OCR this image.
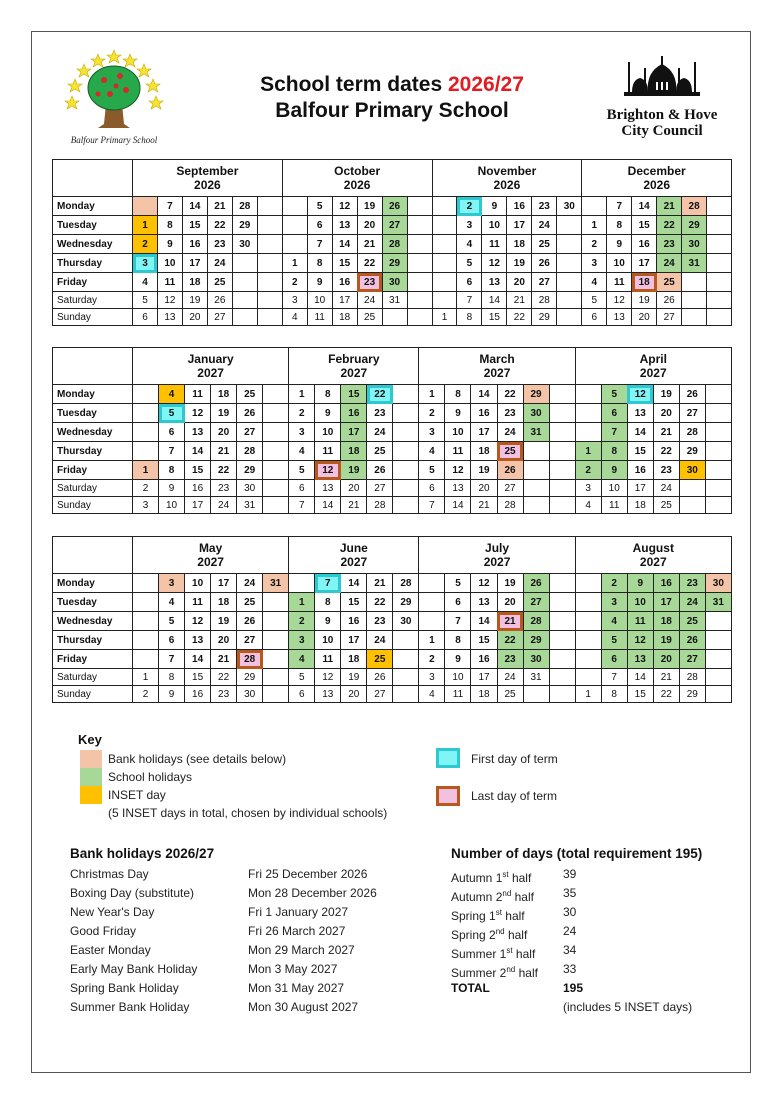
Balfour Primary School
School term dates 2026/27
Balfour Primary School	Brighton & Hove
City Council

September
2026

October
2026

November
2026

December
2026

Monday		7	14	21	28			5	12	19	26			2	9	16	23	30		7	14	21	28	
Tuesday	1	8	15	22	29			6	13	20	27			3	10	17	24		1	8	15	22	29	
Wednesday	2	9	16	23	30			7	14	21	28			4	11	18	25		2	9	16	23	30	
Thursday	3	10	17	24			1	8	15	22	29			5	12	19	26		3	10	17	24	31	
Friday	4	11	18	25			2	9	16	23	30			6	13	20	27		4	11	18	25		
Saturday	5	12	19	26			3	10	17	24	31			7	14	21	28		5	12	19	26		
Sunday	6	13	20	27			4	11	18	25			1	8	15	22	29		6	13	20	27		

January
2027

February
2027

March
2027

April
2027

Monday		4	11	18	25		1	8	15	22		1	8	14	22	29			5	12	19	26	
Tuesday		5	12	19	26		2	9	16	23		2	9	16	23	30			6	13	20	27	
Wednesday		6	13	20	27		3	10	17	24		3	10	17	24	31			7	14	21	28	
Thursday		7	14	21	28		4	11	18	25		4	11	18	25			1	8	15	22	29	
Friday	1	8	15	22	29		5	12	19	26		5	12	19	26			2	9	16	23	30	
Saturday	2	9	16	23	30		6	13	20	27		6	13	20	27			3	10	17	24		
Sunday	3	10	17	24	31		7	14	21	28		7	14	21	28			4	11	18	25		

May
2027

June
2027

July
2027

August
2027

Monday		3	10	17	24	31		7	14	21	28		5	12	19	26			2	9	16	23	30
Tuesday		4	11	18	25		1	8	15	22	29		6	13	20	27			3	10	17	24	31
Wednesday		5	12	19	26		2	9	16	23	30		7	14	21	28			4	11	18	25	
Thursday		6	13	20	27		3	10	17	24		1	8	15	22	29			5	12	19	26	
Friday		7	14	21	28		4	11	18	25		2	9	16	23	30			6	13	20	27	
Saturday	1	8	15	22	29		5	12	19	26		3	10	17	24	31			7	14	21	28	
Sunday	2	9	16	23	30		6	13	20	27		4	11	18	25			1	8	15	22	29	
Key
Bank holidays (see details below)
School holidays
INSET day
(5 INSET days in total, chosen by individual schools)
First day of term
Last day of term
Bank holidays 2026/27
Christmas Day	Fri 25 December 2026
Boxing Day (substitute)	Mon 28 December 2026
New Year's Day	Fri 1 January 2027
Good Friday	Fri 26 March 2027
Easter Monday	Mon 29 March 2027
Early May Bank Holiday	Mon 3 May 2027
Spring Bank Holiday	Mon 31 May 2027
Summer Bank Holiday	Mon 30 August 2027
Number of days (total requirement 195)
Autumn 1st half	39
Autumn 2nd half	35
Spring 1st half	30
Spring 2nd half	24
Summer 1st half	34
Summer 2nd half	33
TOTAL	195
(includes 5 INSET days)
